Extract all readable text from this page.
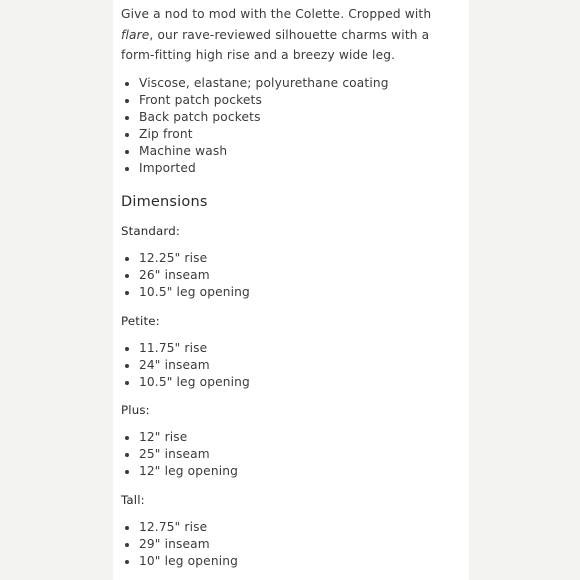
Give a nod to mod with the Colette. Cropped with flare, our rave-reviewed silhouette charms with a form-fitting high rise and a breezy wide leg.

Viscose, elastane; polyurethane coating
Front patch pockets
Back patch pockets
Zip front
Machine wash
Imported
Dimensions
Standard:
12.25" rise
26" inseam
10.5" leg opening
Petite:
11.75" rise
24" inseam
10.5" leg opening
Plus:
12" rise
25" inseam
12" leg opening
Tall:
12.75" rise
29" inseam
10" leg opening
